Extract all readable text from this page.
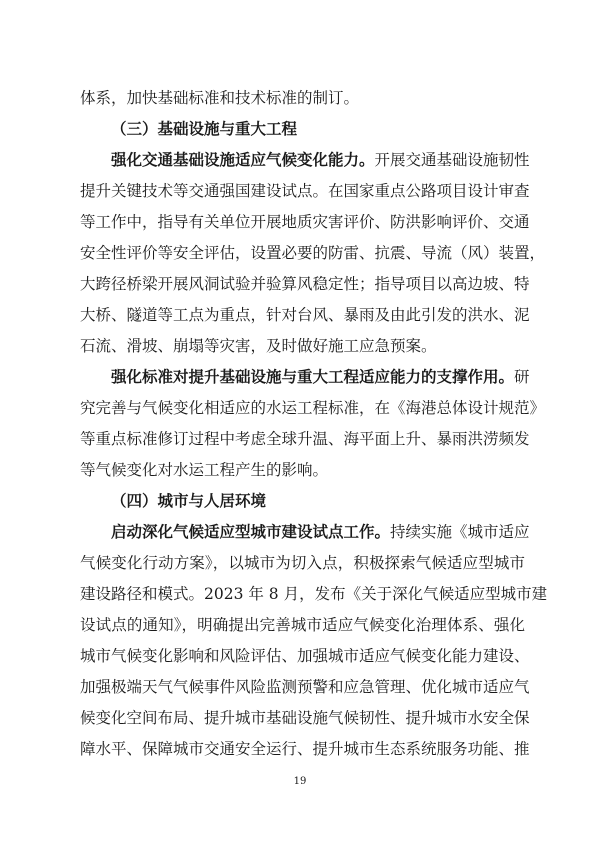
体系，加快基础标准和技术标准的制订。
（三）基础设施与重大工程
强化交通基础设施适应气候变化能力。开展交通基础设施韧性
提升关键技术等交通强国建设试点。在国家重点公路项目设计审查
等工作中，指导有关单位开展地质灾害评价、防洪影响评价、交通
安全性评价等安全评估，设置必要的防雷、抗震、导流（风）装置，
大跨径桥梁开展风洞试验并验算风稳定性；指导项目以高边坡、特
大桥、隧道等工点为重点，针对台风、暴雨及由此引发的洪水、泥
石流、滑坡、崩塌等灾害，及时做好施工应急预案。
强化标准对提升基础设施与重大工程适应能力的支撑作用。研
究完善与气候变化相适应的水运工程标准，在《海港总体设计规范》
等重点标准修订过程中考虑全球升温、海平面上升、暴雨洪涝频发
等气候变化对水运工程产生的影响。
（四）城市与人居环境
启动深化气候适应型城市建设试点工作。持续实施《城市适应
气候变化行动方案》，以城市为切入点，积极探索气候适应型城市
建设路径和模式。2023 年 8 月，发布《关于深化气候适应型城市建
设试点的通知》，明确提出完善城市适应气候变化治理体系、强化
城市气候变化影响和风险评估、加强城市适应气候变化能力建设、
加强极端天气气候事件风险监测预警和应急管理、优化城市适应气
候变化空间布局、提升城市基础设施气候韧性、提升城市水安全保
障水平、保障城市交通安全运行、提升城市生态系统服务功能、推
19
